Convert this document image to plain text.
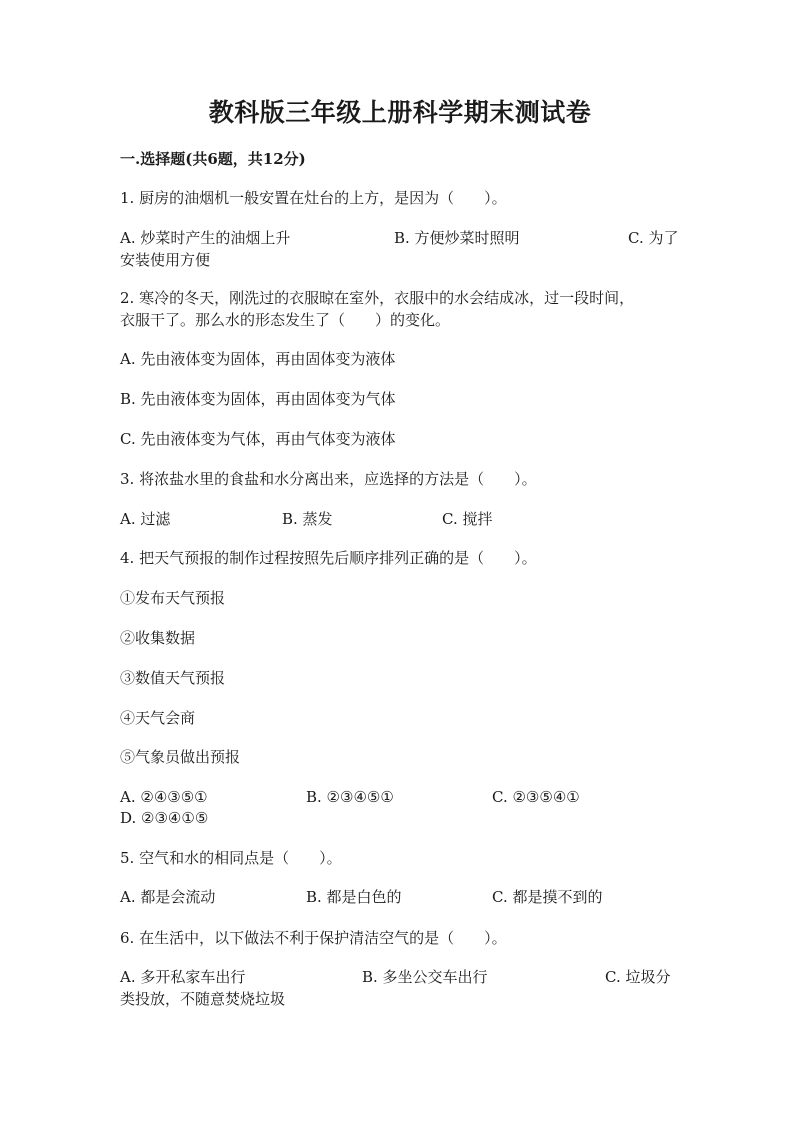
教科版三年级上册科学期末测试卷
一.选择题(共6题，共12分)
1. 厨房的油烟机一般安置在灶台的上方，是因为（　　）。
A. 炒菜时产生的油烟上升	B. 方便炒菜时照明	C. 为了
安装使用方便
2. 寒冷的冬天，刚洗过的衣服晾在室外，衣服中的水会结成冰，过一段时间，
衣服干了。那么水的形态发生了（　　）的变化。
A. 先由液体变为固体，再由固体变为液体
B. 先由液体变为固体，再由固体变为气体
C. 先由液体变为气体，再由气体变为液体
3. 将浓盐水里的食盐和水分离出来，应选择的方法是（　　）。
A. 过滤	B. 蒸发	C. 搅拌
4. 把天气预报的制作过程按照先后顺序排列正确的是（　　）。
①发布天气预报
②收集数据
③数值天气预报
④天气会商
⑤气象员做出预报
A. ②④③⑤①	B. ②③④⑤①	C. ②③⑤④①
D. ②③④①⑤
5. 空气和水的相同点是（　　）。
A. 都是会流动	B. 都是白色的	C. 都是摸不到的
6. 在生活中，以下做法不利于保护清洁空气的是（　　）。
A. 多开私家车出行	B. 多坐公交车出行	C. 垃圾分
类投放，不随意焚烧垃圾
